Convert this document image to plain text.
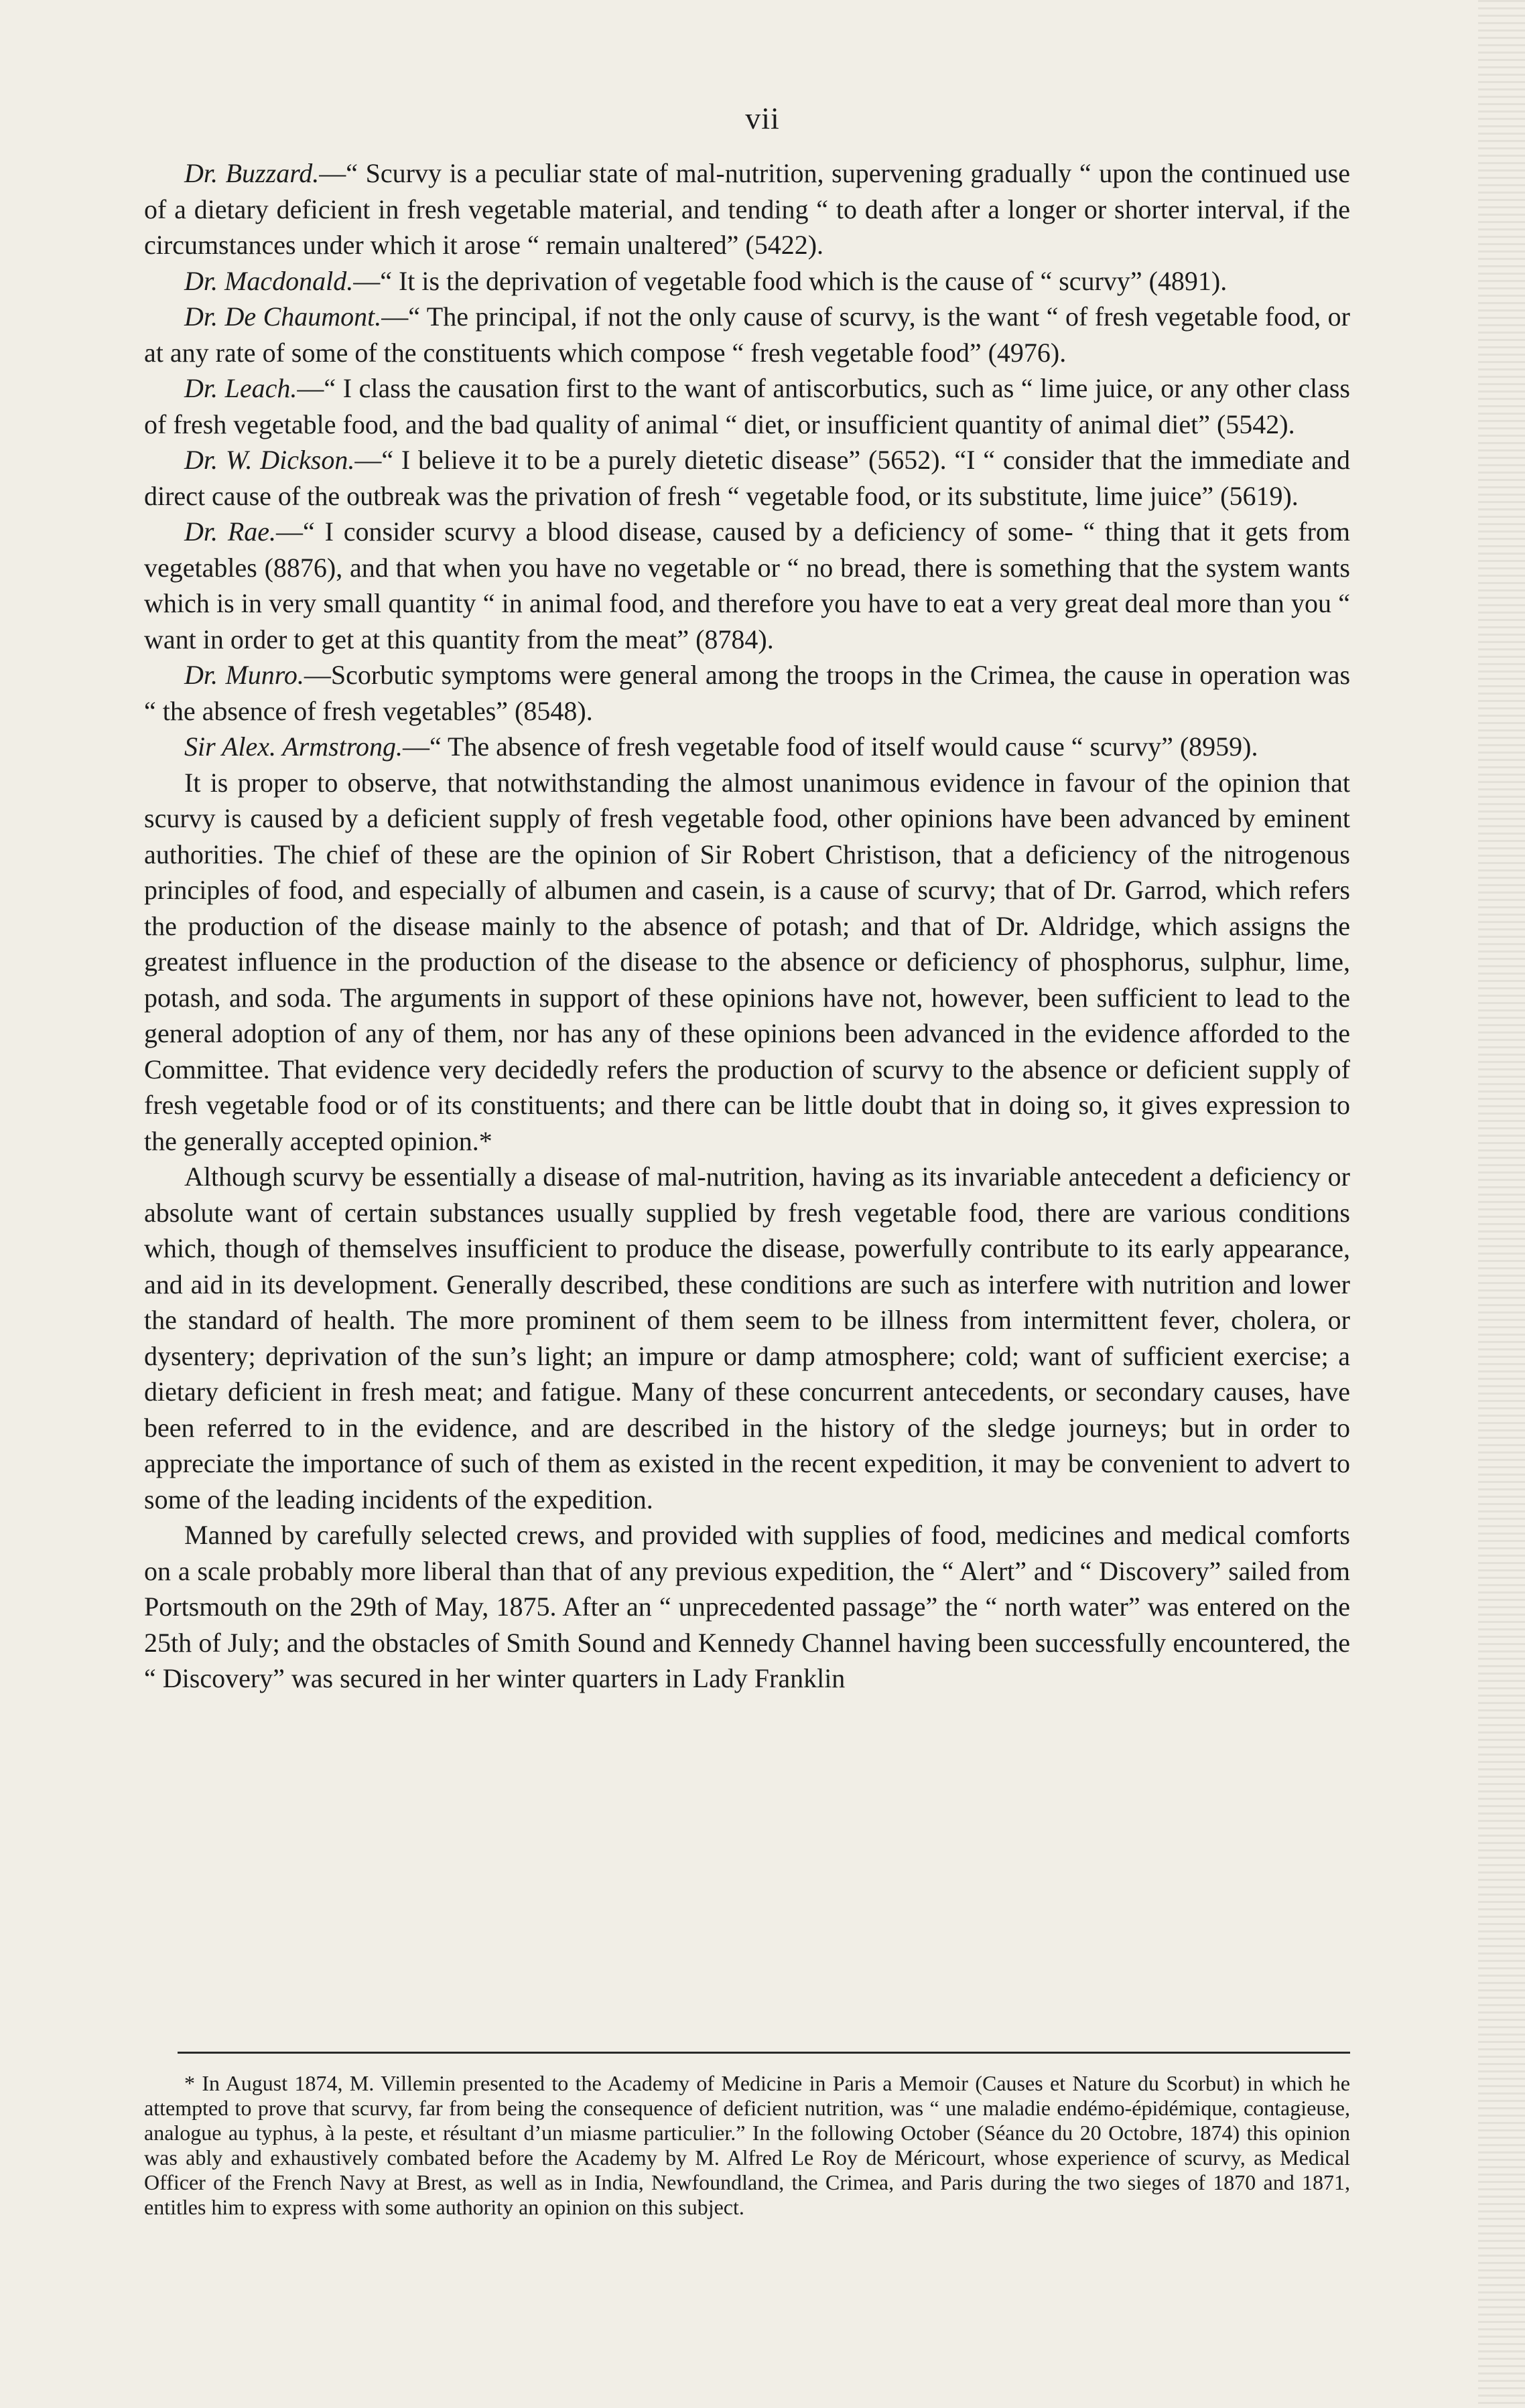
vii

Dr. Buzzard.—“ Scurvy is a peculiar state of mal-nutrition, supervening gradually “ upon the continued use of a dietary deficient in fresh vegetable material, and tending “ to death after a longer or shorter interval, if the circumstances under which it arose “ remain unaltered” (5422).

Dr. Macdonald.—“ It is the deprivation of vegetable food which is the cause of “ scurvy” (4891).

Dr. De Chaumont.—“ The principal, if not the only cause of scurvy, is the want “ of fresh vegetable food, or at any rate of some of the constituents which compose “ fresh vegetable food” (4976).

Dr. Leach.—“ I class the causation first to the want of antiscorbutics, such as “ lime juice, or any other class of fresh vegetable food, and the bad quality of animal “ diet, or insufficient quantity of animal diet” (5542).

Dr. W. Dickson.—“ I believe it to be a purely dietetic disease” (5652). “I “ consider that the immediate and direct cause of the outbreak was the privation of fresh “ vegetable food, or its substitute, lime juice” (5619).

Dr. Rae.—“ I consider scurvy a blood disease, caused by a deficiency of some- “ thing that it gets from vegetables (8876), and that when you have no vegetable or “ no bread, there is something that the system wants which is in very small quantity “ in animal food, and therefore you have to eat a very great deal more than you “ want in order to get at this quantity from the meat” (8784).

Dr. Munro.—Scorbutic symptoms were general among the troops in the Crimea, the cause in operation was “ the absence of fresh vegetables” (8548).

Sir Alex. Armstrong.—“ The absence of fresh vegetable food of itself would cause “ scurvy” (8959).

It is proper to observe, that notwithstanding the almost unanimous evidence in favour of the opinion that scurvy is caused by a deficient supply of fresh vegetable food, other opinions have been advanced by eminent authorities. The chief of these are the opinion of Sir Robert Christison, that a deficiency of the nitrogenous principles of food, and especially of albumen and casein, is a cause of scurvy; that of Dr. Garrod, which refers the production of the disease mainly to the absence of potash; and that of Dr. Aldridge, which assigns the greatest influence in the production of the disease to the absence or deficiency of phosphorus, sulphur, lime, potash, and soda. The arguments in support of these opinions have not, however, been sufficient to lead to the general adoption of any of them, nor has any of these opinions been advanced in the evidence afforded to the Committee. That evidence very decidedly refers the production of scurvy to the absence or deficient supply of fresh vegetable food or of its constituents; and there can be little doubt that in doing so, it gives expression to the generally accepted opinion.*

Although scurvy be essentially a disease of mal-nutrition, having as its invariable antecedent a deficiency or absolute want of certain substances usually supplied by fresh vegetable food, there are various conditions which, though of themselves insufficient to produce the disease, powerfully contribute to its early appearance, and aid in its development. Generally described, these conditions are such as interfere with nutrition and lower the standard of health. The more prominent of them seem to be illness from intermittent fever, cholera, or dysentery; deprivation of the sun’s light; an impure or damp atmosphere; cold; want of sufficient exercise; a dietary deficient in fresh meat; and fatigue. Many of these concurrent antecedents, or secondary causes, have been referred to in the evidence, and are described in the history of the sledge journeys; but in order to appreciate the importance of such of them as existed in the recent expedition, it may be convenient to advert to some of the leading incidents of the expedition.

Manned by carefully selected crews, and provided with supplies of food, medicines and medical comforts on a scale probably more liberal than that of any previous expedition, the “ Alert” and “ Discovery” sailed from Portsmouth on the 29th of May, 1875. After an “ unprecedented passage” the “ north water” was entered on the 25th of July; and the obstacles of Smith Sound and Kennedy Channel having been successfully encountered, the “ Discovery” was secured in her winter quarters in Lady Franklin

* In August 1874, M. Villemin presented to the Academy of Medicine in Paris a Memoir (Causes et Nature du Scorbut) in which he attempted to prove that scurvy, far from being the consequence of deficient nutrition, was “ une maladie endémo-épidémique, contagieuse, analogue au typhus, à la peste, et résultant d’un miasme particulier.” In the following October (Séance du 20 Octobre, 1874) this opinion was ably and exhaustively combated before the Academy by M. Alfred Le Roy de Méricourt, whose experience of scurvy, as Medical Officer of the French Navy at Brest, as well as in India, Newfoundland, the Crimea, and Paris during the two sieges of 1870 and 1871, entitles him to express with some authority an opinion on this subject.
